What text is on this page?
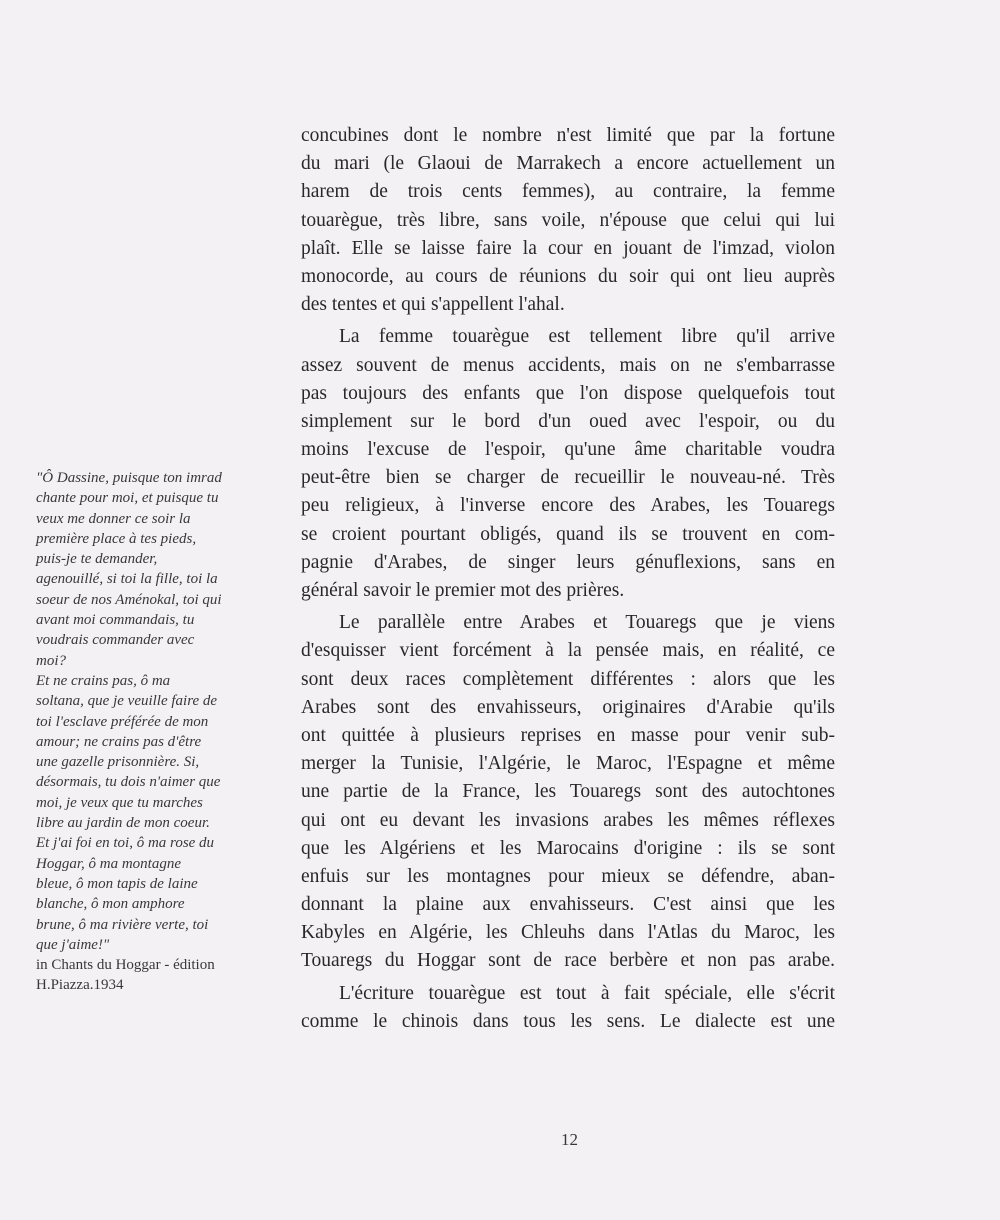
"Ô Dassine, puisque ton imrad
chante pour moi, et puisque tu
veux me donner ce soir la
première place à tes pieds,
puis-je te demander,
agenouillé, si toi la fille, toi la
soeur de nos Aménokal, toi qui
avant moi commandais, tu
voudrais commander avec
moi?
Et ne crains pas, ô ma
soltana, que je veuille faire de
toi l'esclave préférée de mon
amour; ne crains pas d'être
une gazelle prisonnière. Si,
désormais, tu dois n'aimer que
moi, je veux que tu marches
libre au jardin de mon coeur.
Et j'ai foi en toi, ô ma rose du
Hoggar, ô ma montagne
bleue, ô mon tapis de laine
blanche, ô mon amphore
brune, ô ma rivière verte, toi
que j'aime!"
in Chants du Hoggar - édition
H.Piazza.1934
concubines dont le nombre n'est limité que par la fortune
du mari (le Glaoui de Marrakech a encore actuellement un
harem de trois cents femmes), au contraire, la femme
touarègue, très libre, sans voile, n'épouse que celui qui lui
plaît. Elle se laisse faire la cour en jouant de l'imzad, violon
monocorde, au cours de réunions du soir qui ont lieu auprès
des tentes et qui s'appellent l'ahal.
La femme touarègue est tellement libre qu'il arrive
assez souvent de menus accidents, mais on ne s'embarrasse
pas toujours des enfants que l'on dispose quelquefois tout
simplement sur le bord d'un oued avec l'espoir, ou du
moins l'excuse de l'espoir, qu'une âme charitable voudra
peut-être bien se charger de recueillir le nouveau-né. Très
peu religieux, à l'inverse encore des Arabes, les Touaregs
se croient pourtant obligés, quand ils se trouvent en com-
pagnie d'Arabes, de singer leurs génuflexions, sans en
général savoir le premier mot des prières.
Le parallèle entre Arabes et Touaregs que je viens
d'esquisser vient forcément à la pensée mais, en réalité, ce
sont deux races complètement différentes : alors que les
Arabes sont des envahisseurs, originaires d'Arabie qu'ils
ont quittée à plusieurs reprises en masse pour venir sub-
merger la Tunisie, l'Algérie, le Maroc, l'Espagne et même
une partie de la France, les Touaregs sont des autochtones
qui ont eu devant les invasions arabes les mêmes réflexes
que les Algériens et les Marocains d'origine : ils se sont
enfuis sur les montagnes pour mieux se défendre, aban-
donnant la plaine aux envahisseurs. C'est ainsi que les
Kabyles en Algérie, les Chleuhs dans l'Atlas du Maroc, les
Touaregs du Hoggar sont de race berbère et non pas arabe.
L'écriture touarègue est tout à fait spéciale, elle s'écrit
comme le chinois dans tous les sens. Le dialecte est une
12
